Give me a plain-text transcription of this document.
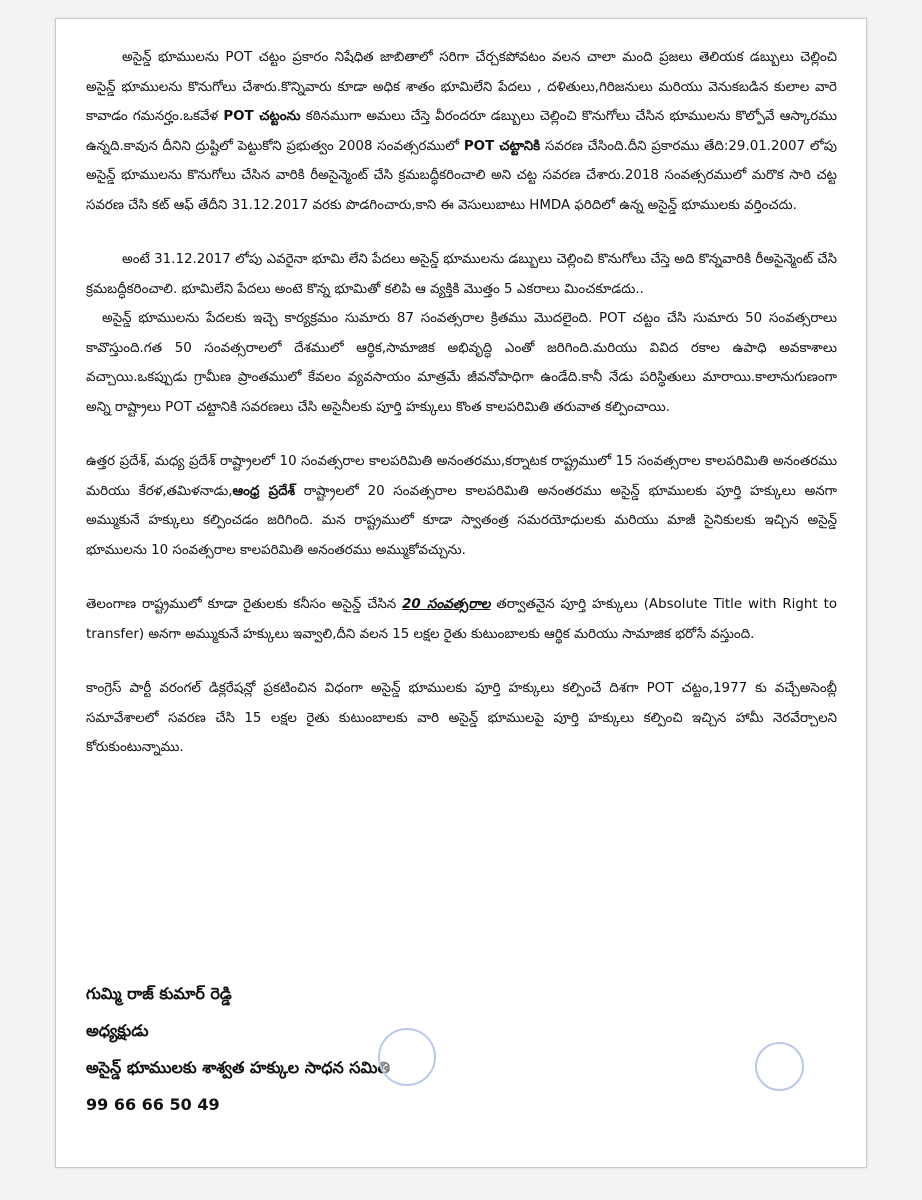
అసైన్డ్ భూములను POT చట్టం ప్రకారం నిషేధిత జాబితాలో సరిగా చేర్చకపోవటం వలన చాలా మంది ప్రజలు తెలియక డబ్బులు చెల్లించి అసైన్డ్ భూములను కొనుగోలు చేశారు.కొన్నివారు కూడా అధిక శాతం భూమిలేని పేదలు , దళితులు,గిరిజనులు మరియు వెనుకబడిన కులాల వారె కావాడం గమనర్హం.ఒకవేళ POT చట్టంను కఠినముగా అమలు చేస్తె వీరందరూ డబ్బులు చెల్లించి కొనుగోలు చేసిన భూములను కొల్పోవే ఆస్కారము ఉన్నది.కావున దీనిని ద్రుష్టిలో పెట్టుకోని ప్రభుత్వం 2008 సంవత్సరములో POT చట్టానికి సవరణ చేసింది.దీని ప్రకారము తేది:29.01.2007 లోపు అసైన్డ్ భూములను కొనుగోలు చేసిన వారికి రీఅసైన్మెంట్ చేసి క్రమబద్ధీకరించాలి అని చట్ట సవరణ చేశారు.2018 సంవత్సరములో మరొక సారి చట్ట సవరణ చేసి కట్ ఆఫ్ తేదీని 31.12.2017 వరకు పొడగించారు,కాని ఈ వెసులుబాటు HMDA ఫరిదిలో ఉన్న అసైన్డ్ భూములకు వర్తించదు.

అంటే 31.12.2017 లోపు ఎవరైనా భూమి లేని పేదలు అసైన్డ్ భూములను డబ్బులు చెల్లించి కొనుగోలు చేస్తె అది కొన్నవారికి రీఅసైన్మెంట్ చేసి క్రమబద్ధీకరించాలి. భూమిలేని పేదలు అంటె కొన్న భూమితో కలిపి ఆ వ్యక్తికి మొత్తం 5 ఎకరాలు మించకూడదు..

అసైన్డ్ భూములను పేదలకు ఇచ్చె కార్యక్రమం సుమారు 87 సంవత్సరాల క్రితము మొదలైంది. POT చట్టం చేసి సుమారు 50 సంవత్సరాలు కావొస్తుంది.గత 50 సంవత్సరాలలో దేశములో ఆర్థిక,సామాజిక అభివృద్ధి ఎంతో జరిగింది.మరియు వివిద రకాల ఉపాధి అవకాశాలు వచ్చాయి.ఒకప్పుడు గ్రామీణ ప్రాంతములో కేవలం వ్యవసాయం మాత్రమే జీవనోపాధిగా ఉండేది.కానీ నేడు పరిస్థితులు మారాయి.కాలానుగుణంగా అన్ని రాష్ట్రాలు POT చట్టానికి సవరణలు చేసి అసైనీలకు పూర్తి హక్కులు కొంత కాలపరిమితి తరువాత కల్పించాయి.

ఉత్తర ప్రదేశ్, మధ్య ప్రదేశ్ రాష్ట్రాలలో 10 సంవత్సరాల కాలపరిమితి అనంతరము,కర్నాటక రాష్ట్రములో 15 సంవత్సరాల కాలపరిమితి అనంతరము మరియు కేరళ,తమిళనాడు,ఆంధ్ర ప్రదేశ్ రాష్ట్రాలలో 20 సంవత్సరాల కాలపరిమితి అనంతరము అసైన్డ్ భూములకు పూర్తి హక్కులు అనగా అమ్ముకునే హక్కులు కల్పించడం జరిగింది. మన రాష్ట్రములో కూడా స్వాతంత్ర సమరయోధులకు మరియు మాజీ సైనికులకు ఇచ్చిన అసైన్డ్ భూములను 10 సంవత్సరాల కాలపరిమితి అనంతరము అమ్ముకోవచ్చును.

తెలంగాణ రాష్ట్రములో కూడా రైతులకు కనీసం అసైన్డ్ చేసిన 20 సంవత్సరాల తర్వాతనైన పూర్తి హక్కులు (Absolute Title with Right to transfer) అనగా అమ్ముకునే హక్కులు ఇవ్వాలి,దీని వలన 15 లక్షల రైతు కుటుంబాలకు ఆర్థిక మరియు సామాజిక భరోసే వస్తుంది.

కాంగ్రెస్ పార్టీ వరంగల్ డిక్లరేషన్లో ప్రకటించిన విధంగా అసైన్డ్ భూములకు పూర్తి హక్కులు కల్పించే దిశగా POT చట్టం,1977 కు వచ్చేఅసెంబ్లీ సమావేశాలలో సవరణ చేసి 15 లక్షల రైతు కుటుంబాలకు వారి అసైన్డ్ భూములపై పూర్తి హక్కులు కల్పించి ఇచ్చిన హామీ నెరవేర్చాలని కోరుకుంటున్నాము.

గుమ్మి రాజ్ కుమార్ రెడ్డి
అధ్యక్షుడు
అసైన్డ్ భూములకు శాశ్వత హక్కుల సాధన సమితి
99 66 66 50 49
